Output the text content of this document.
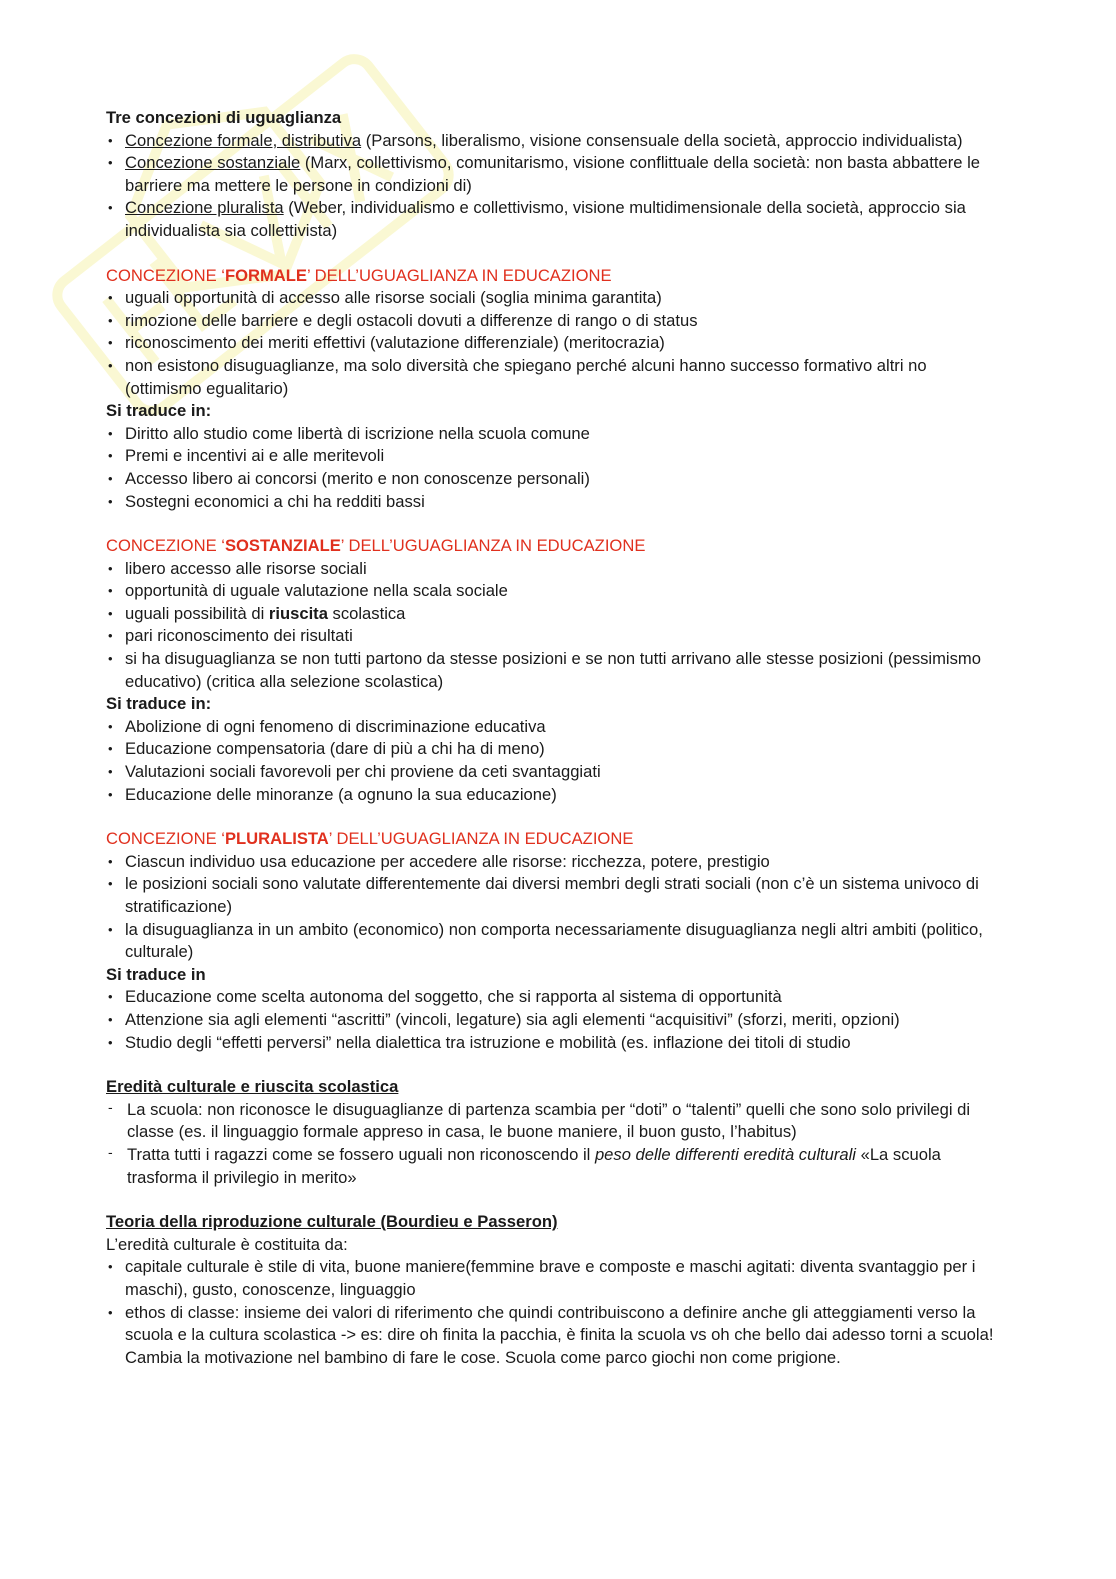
Tre concezioni di uguaglianza

• Concezione formale, distributiva (Parsons, liberalismo, visione consensuale della società, approccio individualista)
• Concezione sostanziale (Marx, collettivismo, comunitarismo, visione conflittuale della società: non basta abbattere le barriere ma mettere le persone in condizioni di)
• Concezione pluralista (Weber, individualismo e collettivismo, visione multidimensionale della società, approccio sia individualista sia collettivista)

CONCEZIONE ‘FORMALE’ DELL’UGUAGLIANZA IN EDUCAZIONE

• uguali opportunità di accesso alle risorse sociali (soglia minima garantita)
• rimozione delle barriere e degli ostacoli dovuti a differenze di rango o di status
• riconoscimento dei meriti effettivi (valutazione differenziale) (meritocrazia)
• non esistono disuguaglianze, ma solo diversità che spiegano perché alcuni hanno successo formativo altri no (ottimismo egualitario)

Si traduce in:

• Diritto allo studio come libertà di iscrizione nella scuola comune
• Premi e incentivi ai e alle meritevoli
• Accesso libero ai concorsi (merito e non conoscenze personali)
• Sostegni economici a chi ha redditi bassi

CONCEZIONE ‘SOSTANZIALE’ DELL’UGUAGLIANZA IN EDUCAZIONE

• libero accesso alle risorse sociali
• opportunità di uguale valutazione nella scala sociale
• uguali possibilità di riuscita scolastica
• pari riconoscimento dei risultati
• si ha disuguaglianza se non tutti partono da stesse posizioni e se non tutti arrivano alle stesse posizioni (pessimismo educativo) (critica alla selezione scolastica)

Si traduce in:

• Abolizione di ogni fenomeno di discriminazione educativa
• Educazione compensatoria (dare di più a chi ha di meno)
• Valutazioni sociali favorevoli per chi proviene da ceti svantaggiati
• Educazione delle minoranze (a ognuno la sua educazione)

CONCEZIONE ‘PLURALISTA’ DELL’UGUAGLIANZA IN EDUCAZIONE

• Ciascun individuo usa educazione per accedere alle risorse: ricchezza, potere, prestigio
• le posizioni sociali sono valutate differentemente dai diversi membri degli strati sociali (non c’è un sistema univoco di stratificazione)
• la disuguaglianza in un ambito (economico) non comporta necessariamente disuguaglianza negli altri ambiti (politico, culturale)

Si traduce in

• Educazione come scelta autonoma del soggetto, che si rapporta al sistema di opportunità
• Attenzione sia agli elementi “ascritti” (vincoli, legature) sia agli elementi “acquisitivi” (sforzi, meriti, opzioni)
• Studio degli “effetti perversi” nella dialettica tra istruzione e mobilità (es. inflazione dei titoli di studio

Eredità culturale e riuscita scolastica

- La scuola: non riconosce le disuguaglianze di partenza scambia per “doti” o “talenti” quelli che sono solo privilegi di classe (es. il linguaggio formale appreso in casa, le buone maniere, il buon gusto, l’habitus)
- Tratta tutti i ragazzi come se fossero uguali non riconoscendo il peso delle differenti eredità culturali «La scuola trasforma il privilegio in merito»

Teoria della riproduzione culturale (Bourdieu e Passeron)

L’eredità culturale è costituita da:

• capitale culturale è stile di vita, buone maniere(femmine brave e composte e maschi agitati: diventa svantaggio per i maschi), gusto, conoscenze, linguaggio
• ethos di classe: insieme dei valori di riferimento che quindi contribuiscono a definire anche gli atteggiamenti verso la scuola e la cultura scolastica -> es: dire oh finita la pacchia, è finita la scuola vs oh che bello dai adesso torni a scuola! Cambia la motivazione nel bambino di fare le cose. Scuola come parco giochi non come prigione.
